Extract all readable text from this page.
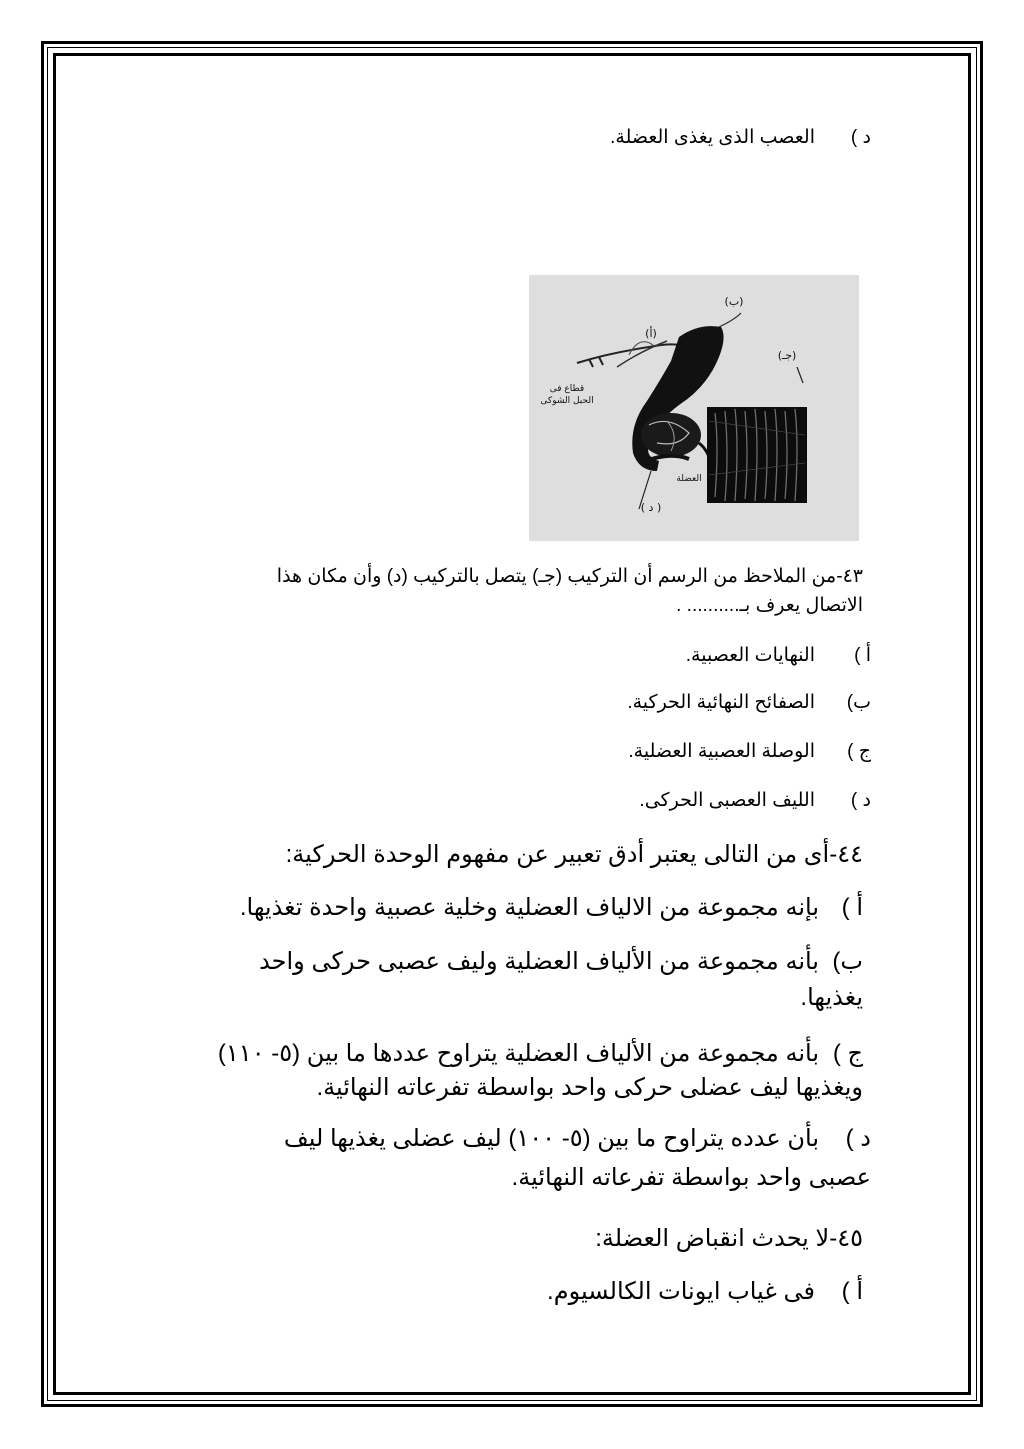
د )العصب الذى يغذى العضلة.
(ب)
(أ)
(جـ)
( د )
قطاع فى
الحبل الشوكى
العضلة
٤٣-من الملاحظ من الرسم أن التركيب (جـ) يتصل بالتركيب (د) وأن مكان هذا
الاتصال يعرف بـ.......... .
أ )النهايات العصبية.
ب)الصفائح النهائية الحركية.
ج )الوصلة العصبية العضلية.
د )الليف العصبى الحركى.
٤٤-أى من التالى يعتبر أدق تعبير عن مفهوم الوحدة الحركية:
أ )بإنه مجموعة من الالياف العضلية وخلية عصبية واحدة تغذيها.
ب)بأنه مجموعة من الألياف العضلية وليف عصبى حركى واحد
يغذيها.
ج )بأنه مجموعة من الألياف العضلية يتراوح عددها ما بين (٥- ١١٠)
ويغذيها ليف عضلى حركى واحد بواسطة تفرعاته النهائية.
د )بأن عدده يتراوح ما بين (٥- ١٠٠) ليف عضلى يغذيها ليف
عصبى واحد بواسطة تفرعاته النهائية.
٤٥-لا يحدث انقباض العضلة:
أ )فى غياب ايونات الكالسيوم.
